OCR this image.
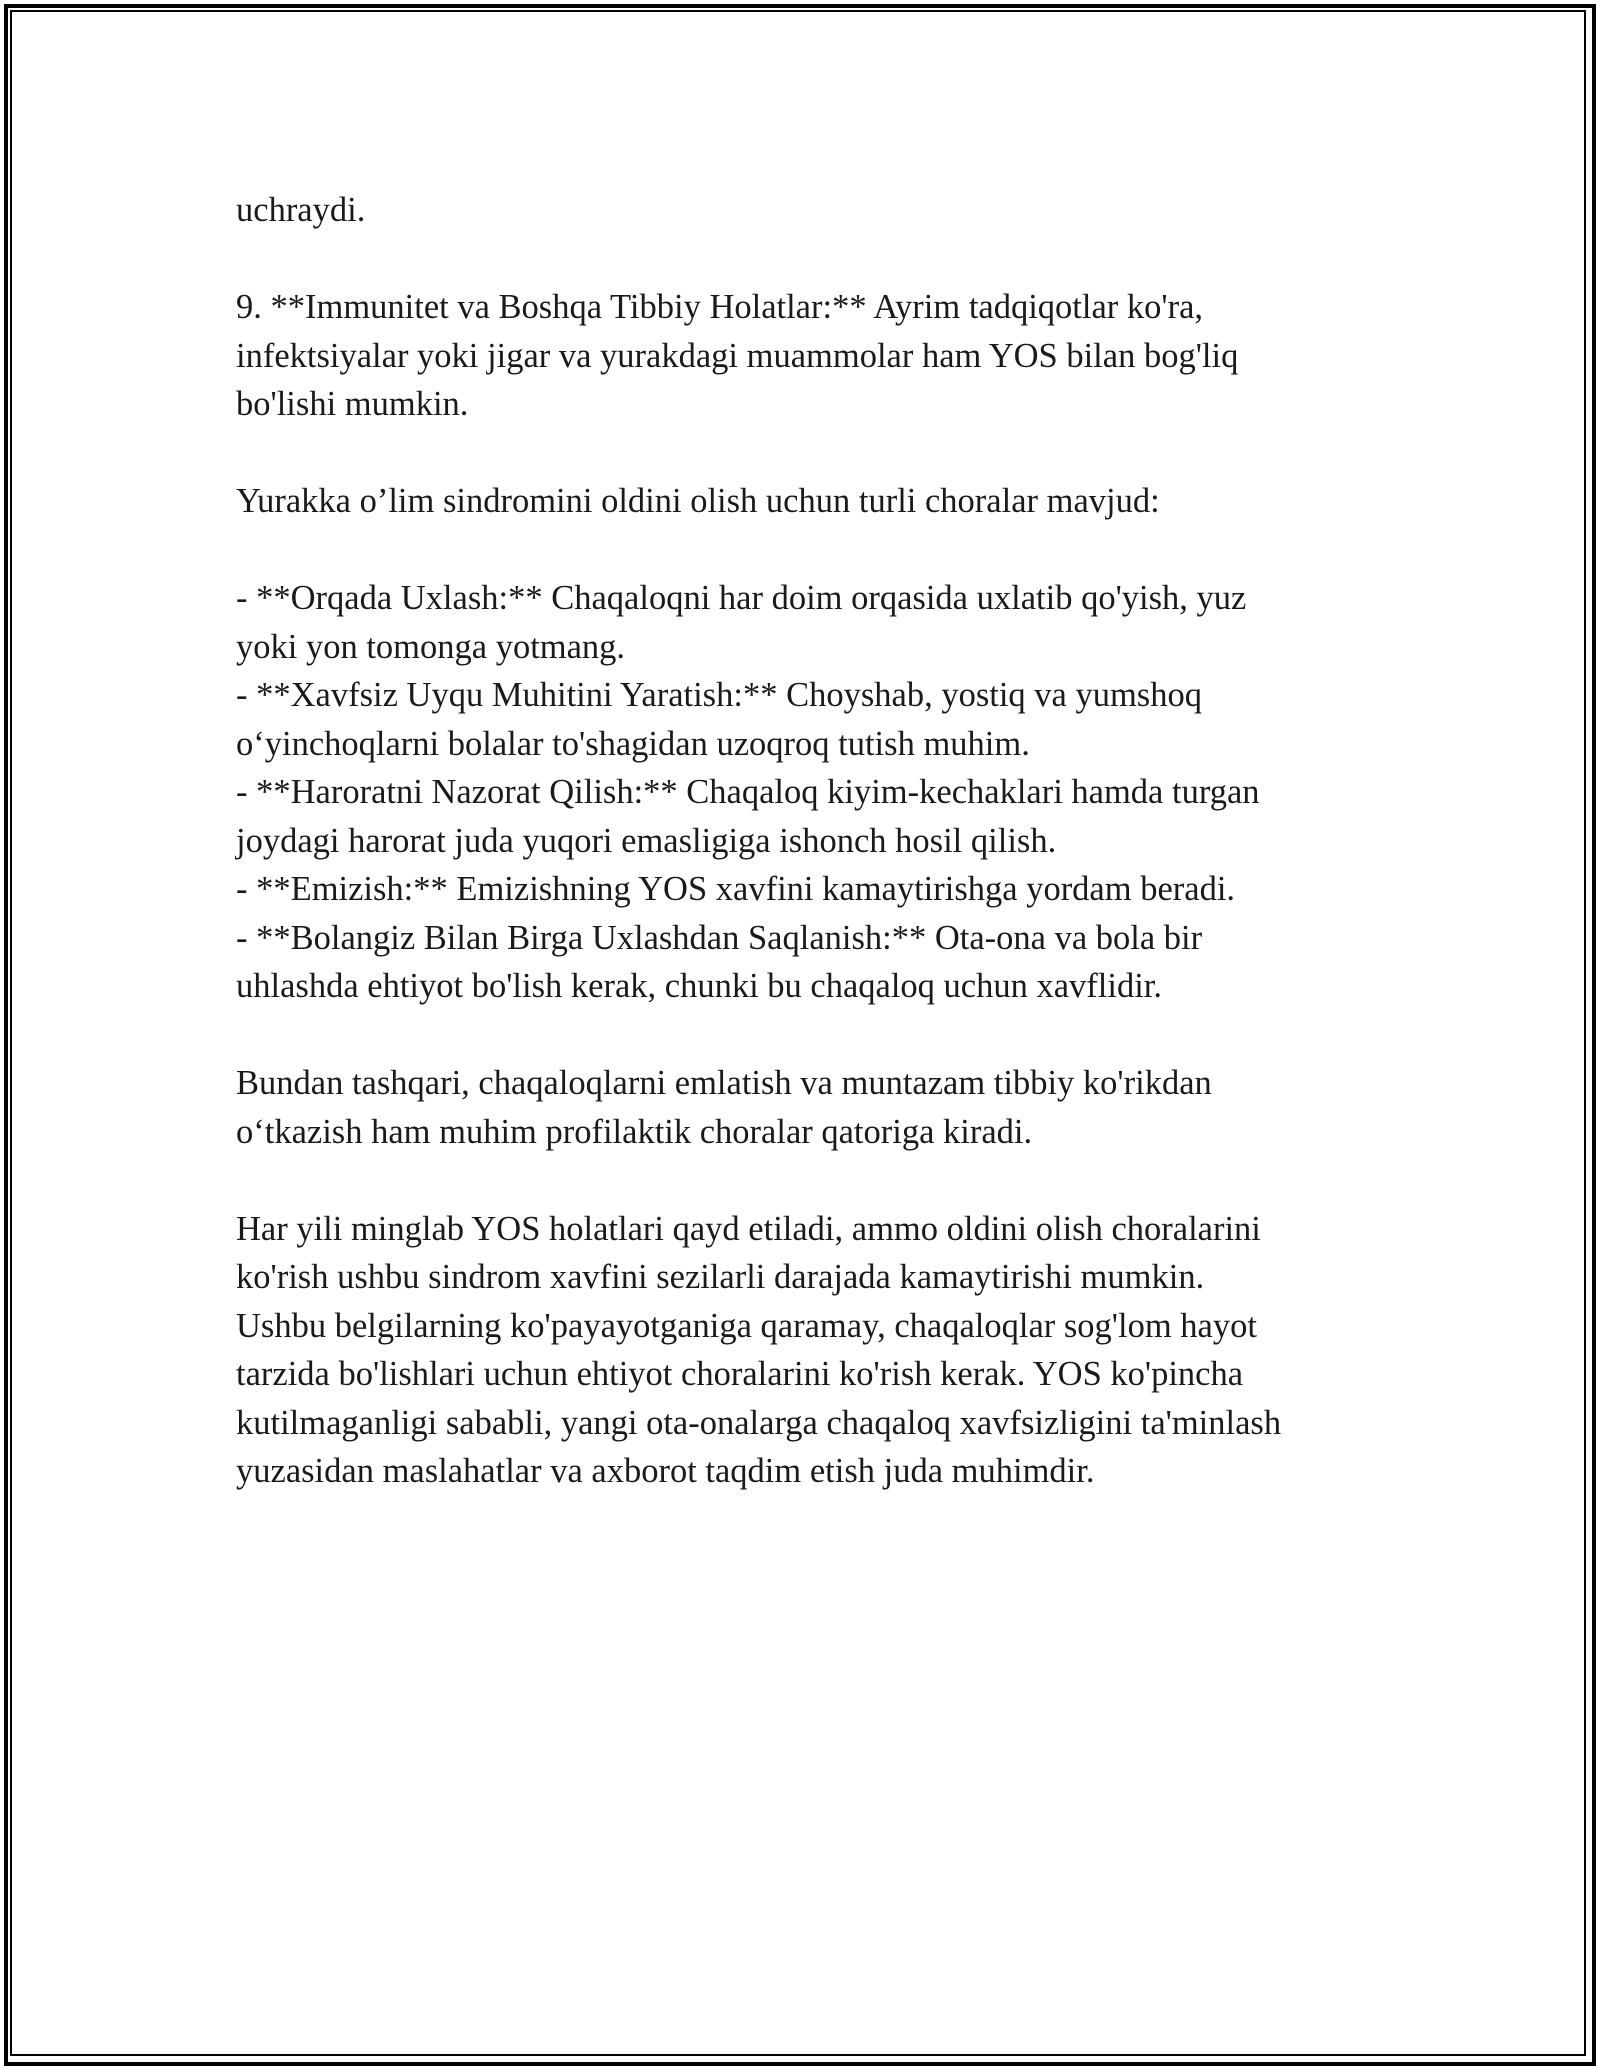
uchraydi.

9. **Immunitet va Boshqa Tibbiy Holatlar:** Ayrim tadqiqotlar ko'ra,

infektsiyalar yoki jigar va yurakdagi muammolar ham YOS bilan bog'liq

bo'lishi mumkin.

Yurakka o’lim sindromini oldini olish uchun turli choralar mavjud:

- **Orqada Uxlash:** Chaqaloqni har doim orqasida uxlatib qo'yish, yuz

yoki yon tomonga yotmang.

- **Xavfsiz Uyqu Muhitini Yaratish:** Choyshab, yostiq va yumshoq

o‘yinchoqlarni bolalar to'shagidan uzoqroq tutish muhim.

- **Haroratni Nazorat Qilish:** Chaqaloq kiyim-kechaklari hamda turgan

joydagi harorat juda yuqori emasligiga ishonch hosil qilish.

- **Emizish:** Emizishning YOS xavfini kamaytirishga yordam beradi.

- **Bolangiz Bilan Birga Uxlashdan Saqlanish:** Ota-ona va bola bir

uhlashda ehtiyot bo'lish kerak, chunki bu chaqaloq uchun xavflidir.

Bundan tashqari, chaqaloqlarni emlatish va muntazam tibbiy ko'rikdan

o‘tkazish ham muhim profilaktik choralar qatoriga kiradi.

Har yili minglab YOS holatlari qayd etiladi, ammo oldini olish choralarini

ko'rish ushbu sindrom xavfini sezilarli darajada kamaytirishi mumkin.

Ushbu belgilarning ko'payayotganiga qaramay, chaqaloqlar sog'lom hayot

tarzida bo'lishlari uchun ehtiyot choralarini ko'rish kerak. YOS ko'pincha

kutilmaganligi sababli, yangi ota-onalarga chaqaloq xavfsizligini ta'minlash

yuzasidan maslahatlar va axborot taqdim etish juda muhimdir.
